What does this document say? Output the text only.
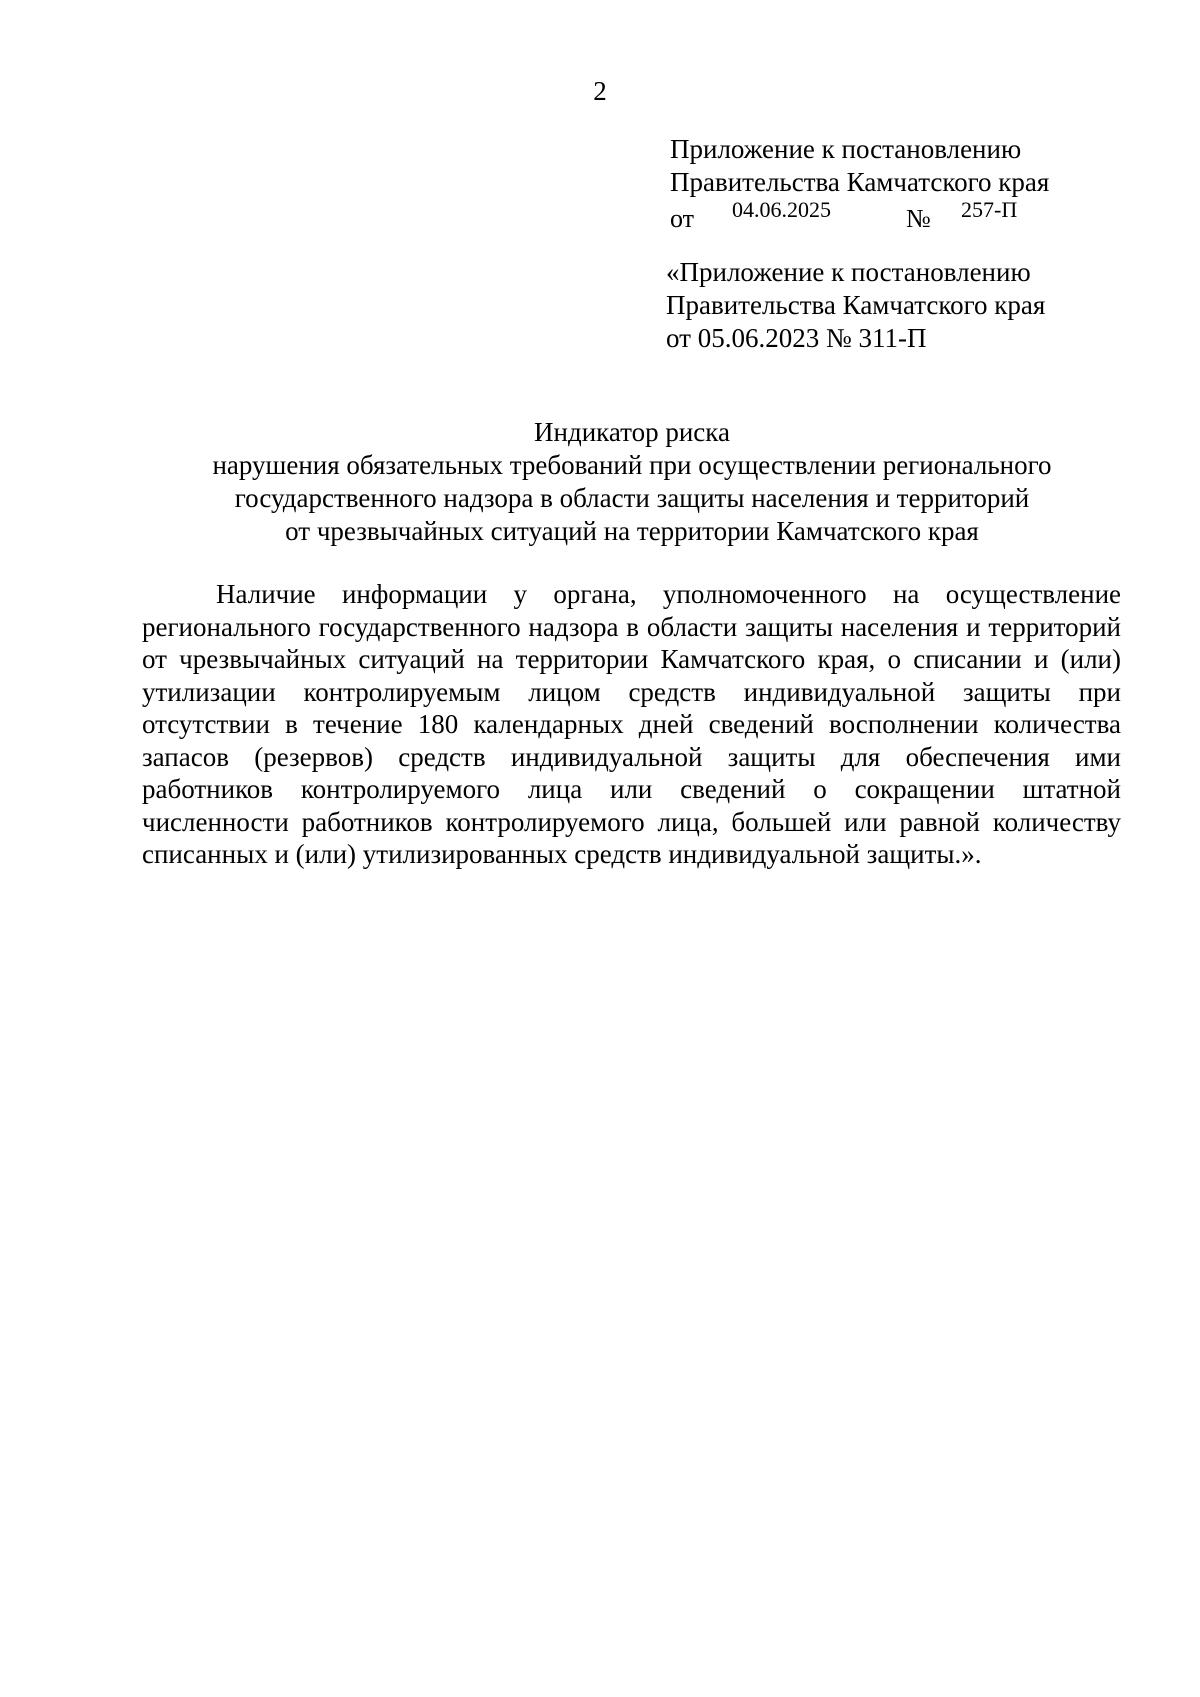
2
Приложение к постановлению
Правительства Камчатского края
от 04.06.2025	№ 257-П
«Приложение к постановлению
Правительства Камчатского края
от 05.06.2023 № 311-П
Индикатор риска
нарушения обязательных требований при осуществлении регионального
государственного надзора в области защиты населения и территорий
от чрезвычайных ситуаций на территории Камчатского края

Наличие информации у органа, уполномоченного на осуществление регионального государственного надзора в области защиты населения и территорий от чрезвычайных ситуаций на территории Камчатского края, о списании и (или) утилизации контролируемым лицом средств индивидуальной защиты при отсутствии в течение 180 календарных дней сведений восполнении количества запасов (резервов) средств индивидуальной защиты для обеспечения ими работников контролируемого лица или сведений о сокращении штатной численности работников контролируемого лица, большей или равной количеству списанных и (или) утилизированных средств индивидуальной защиты.».
